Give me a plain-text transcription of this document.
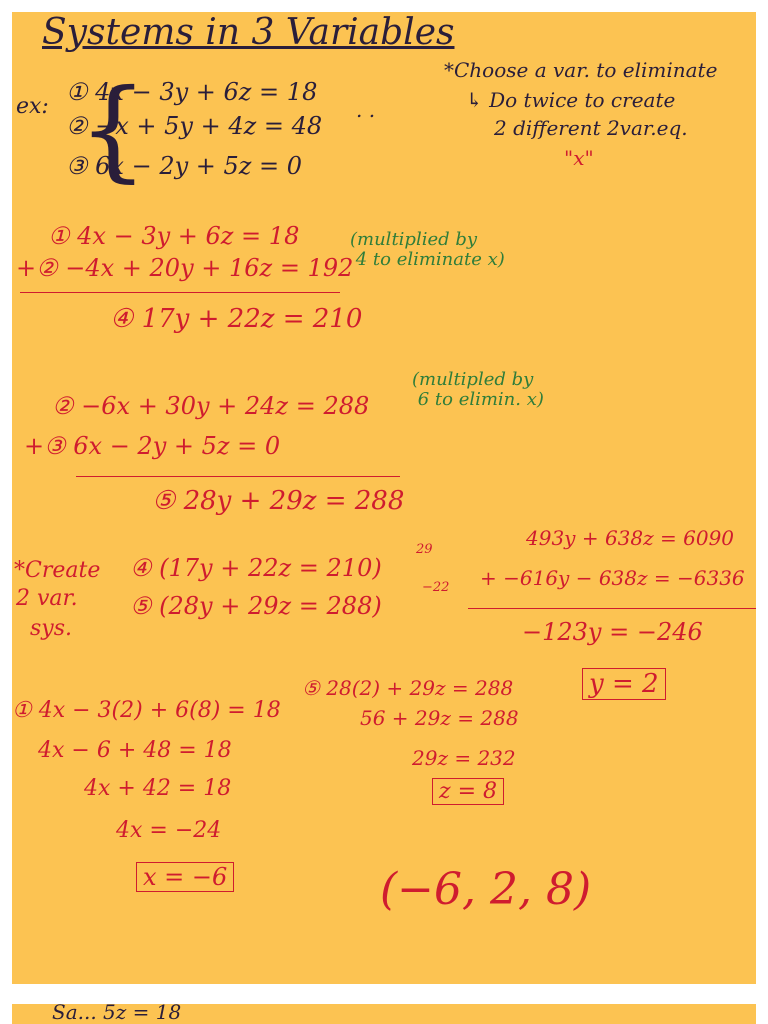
Systems in 3 Variables
*Choose a var. to eliminate
↳ Do twice to create
2 different 2var.eq.
"x"
ex: {
① 4x − 3y + 6z = 18
② −x + 5y + 4z = 48
③ 6x − 2y + 5z = 0
. .
① 4x − 3y + 6z = 18
+② −4x + 20y + 16z = 192
(multiplied by
4 to eliminate x)
④ 17y + 22z = 210
② −6x + 30y + 24z = 288
+③ 6x − 2y + 5z = 0
(multipled by
6 to elimin. x)
⑤ 28y + 29z = 288
*Create
2 var.
sys.
④ (17y + 22z = 210)
29
⑤ (28y + 29z = 288)
−22
493y + 638z = 6090
+ −616y − 638z = −6336
−123y = −246
y = 2
⑤ 28(2) + 29z = 288
56 + 29z = 288
29z = 232
z = 8
① 4x − 3(2) + 6(8) = 18
4x − 6 + 48 = 18
4x + 42 = 18
4x = −24
x = −6	(−6, 2, 8)
Sa... 5z = 18
